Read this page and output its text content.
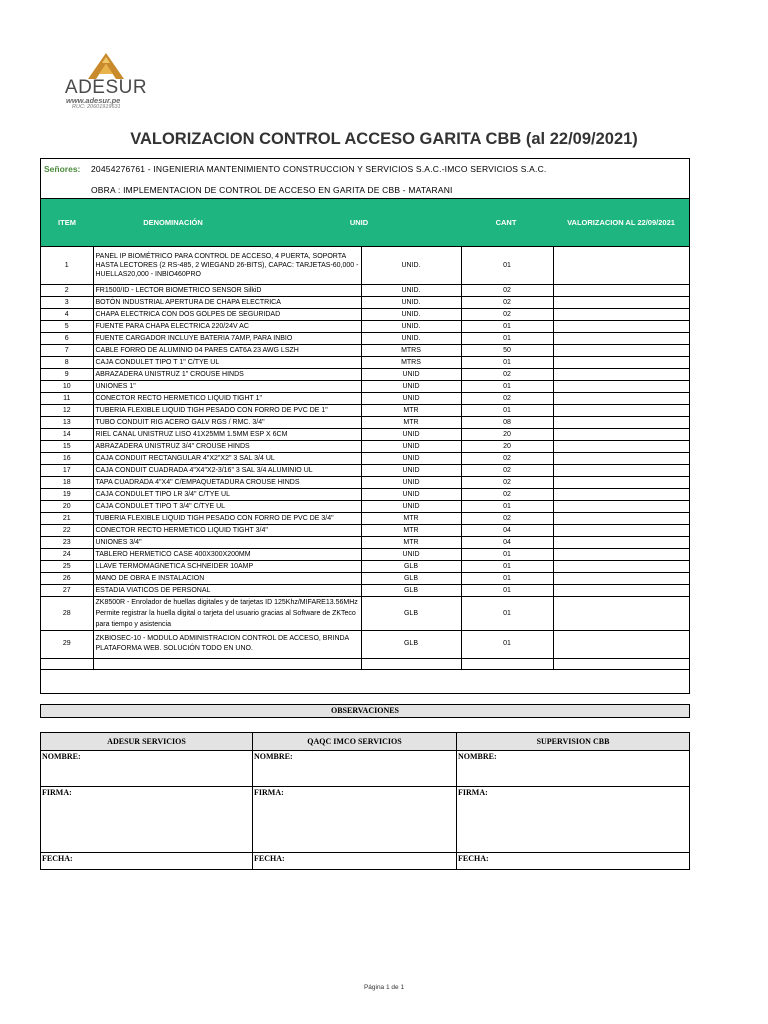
ADESUR
www.adesur.pe
RUC: 20601919631
VALORIZACION CONTROL ACCESO GARITA CBB (al 22/09/2021)
Señores: 20454276761 - INGENIERIA MANTENIMIENTO CONSTRUCCION Y SERVICIOS S.A.C.-IMCO SERVICIOS S.A.C.
OBRA : IMPLEMENTACION DE CONTROL DE ACCESO EN GARITA DE CBB - MATARANI
ITEM	DENOMINACIÓN	UNID	CANT	VALORIZACION AL 22/09/2021
1	PANEL IP BIOMÉTRICO PARA CONTROL DE ACCESO, 4 PUERTA, SOPORTA HASTA LECTORES (2 RS-485, 2 WIEGAND 26-BITS), CAPAC: TARJETAS-60,000 - HUELLAS20,000 - INBIO460PRO	UNID.	01	
2	FR1500/ID - LECTOR BIOMETRICO SENSOR SilkiD	UNID.	02	
3	BOTÓN INDUSTRIAL APERTURA DE CHAPA ELECTRICA	UNID.	02	
4	CHAPA ELECTRICA CON DOS GOLPES DE SEGURIDAD	UNID.	02	
5	FUENTE PARA CHAPA ELECTRICA 220/24V AC	UNID.	01	
6	FUENTE CARGADOR INCLUYE BATERIA 7AMP, PARA INBIO	UNID.	01	
7	CABLE FORRO DE ALUMINIO 04 PARES CAT6A 23 AWG LSZH	MTRS	50	
8	CAJA CONDULET TIPO T 1" C/TYE UL	MTRS	01	
9	ABRAZADERA UNISTRUZ 1" CROUSE HINDS	UNID	02	
10	UNIONES 1"	UNID	01	
11	CONECTOR RECTO HERMETICO LIQUID TIGHT 1"	UNID	02	
12	TUBERIA FLEXIBLE LIQUID TIGH PESADO CON FORRO DE PVC DE 1"	MTR	01	
13	TUBO CONDUIT RIG ACERO GALV RGS / RMC. 3/4"	MTR	08	
14	RIEL CANAL UNISTRUZ LISO 41X25MM 1.5MM ESP X 6CM	UNID	20	
15	ABRAZADERA UNISTRUZ 3/4" CROUSE HINDS	UNID	20	
16	CAJA CONDUIT RECTANGULAR 4"X2"X2" 3 SAL 3/4 UL	UNID	02	
17	CAJA CONDUIT CUADRADA 4"X4"X2-3/16" 3 SAL 3/4 ALUMINIO UL	UNID	02	
18	TAPA CUADRADA 4"X4" C/EMPAQUETADURA CROUSE HINDS	UNID	02	
19	CAJA CONDULET TIPO LR 3/4" C/TYE UL	UNID	02	
20	CAJA CONDULET TIPO T 3/4" C/TYE UL	UNID	01	
21	TUBERIA FLEXIBLE LIQUID TIGH PESADO CON FORRO DE PVC DE 3/4"	MTR	02	
22	CONECTOR RECTO HERMETICO LIQUID TIGHT 3/4"	MTR	04	
23	UNIONES 3/4"	MTR	04	
24	TABLERO HERMETICO CASE 400X300X200MM	UNID	01	
25	LLAVE TERMOMAGNETICA SCHNEIDER 10AMP	GLB	01	
26	MANO DE OBRA E INSTALACION	GLB	01	
27	ESTADIA VIATICOS DE PERSONAL	GLB	01	
28	ZK8500R - Enrolador de huellas digitales y de tarjetas ID 125Khz/MIFARE13.56MHz Permite registrar la huella digital o tarjeta del usuario gracias al Software de ZKTeco para tiempo y asistencia	GLB	01	
29	ZKBIOSEC-10 - MODULO ADMINISTRACION CONTROL DE ACCESO, BRINDA PLATAFORMA WEB. SOLUCIÓN TODO EN UNO.	GLB	01	

OBSERVACIONES
ADESUR SERVICIOS
NOMBRE:
FIRMA:
FECHA:
QAQC IMCO SERVICIOS
NOMBRE:
FIRMA:
FECHA:
SUPERVISION CBB
NOMBRE:
FIRMA:
FECHA:
Página 1 de 1
